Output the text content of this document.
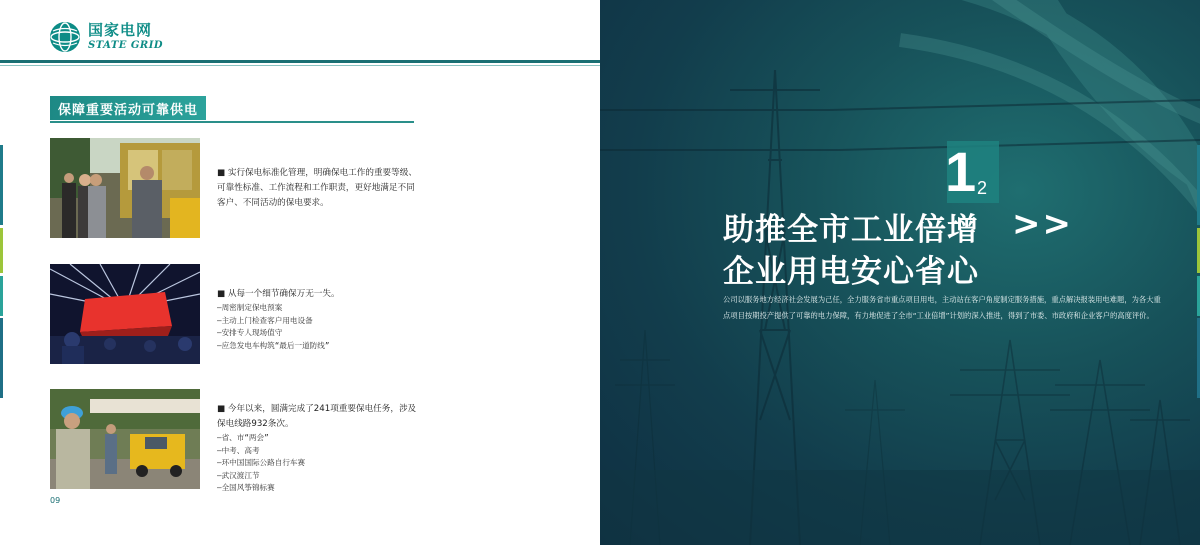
国家电网
STATE GRID
保障重要活动可靠供电
■ 实行保电标准化管理，明确保电工作的重要等级、可靠性标准、工作流程和工作职责，更好地满足不同客户、不同活动的保电要求。
■ 从每一个细节确保万无一失。
—周密制定保电预案
—主动上门检查客户用电设备
—安排专人现场值守
—应急发电车构筑“最后一道防线”
■ 今年以来，圆满完成了241项重要保电任务，涉及保电线路932条次。
—省、市“两会”
—中考、高考
—环中国国际公路自行车赛
—武汉渡江节
—全国风筝锦标赛
09
1 2
助推全市工业倍增 >>
企业用电安心省心
公司以服务地方经济社会发展为己任，全力服务省市重点项目用电，主动站在客户角度制定服务措施，重点解决报装用电难题，为各大重点项目按期投产提供了可靠的电力保障，有力地促进了全市“工业倍增”计划的深入推进，得到了市委、市政府和企业客户的高度评价。
